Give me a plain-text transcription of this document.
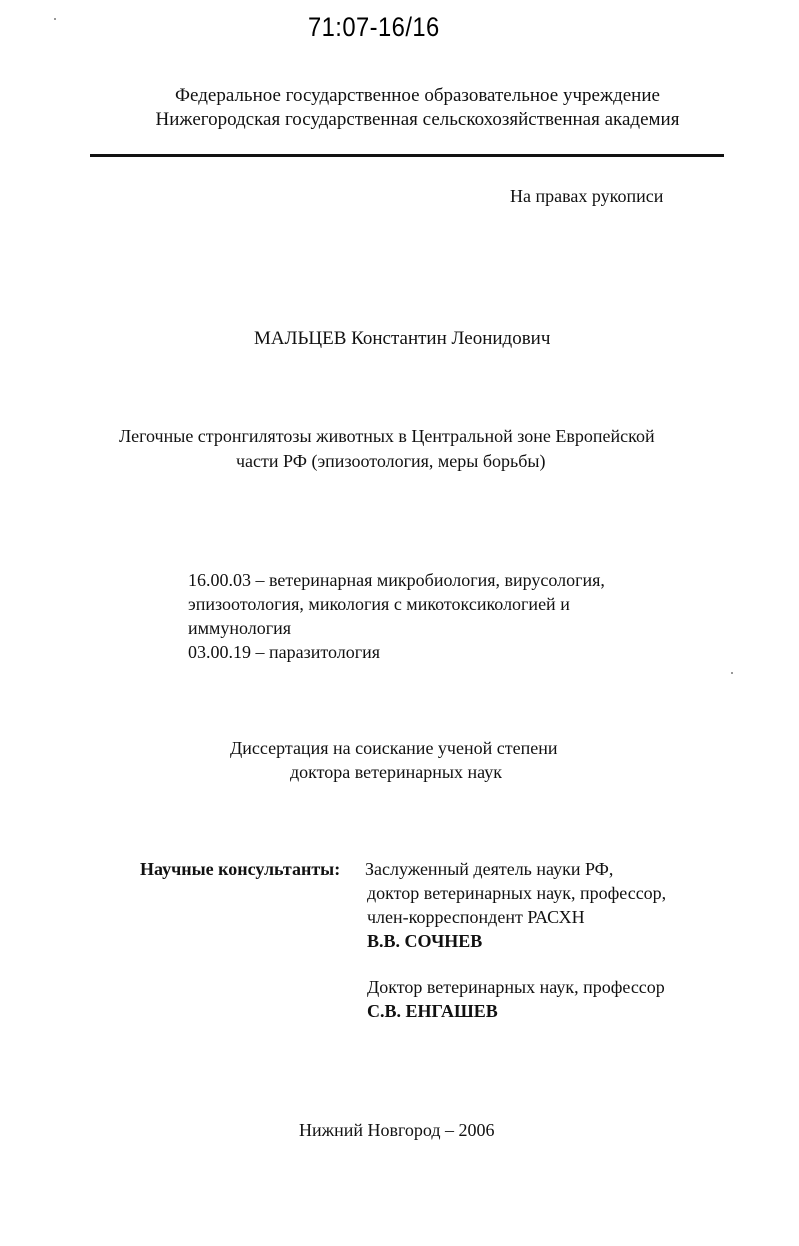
71:07-16/16
Федеральное государственное образовательное учреждение
Нижегородская государственная сельскохозяйственная академия
На правах рукописи
МАЛЬЦЕВ Константин Леонидович
Легочные стронгилятозы животных в Центральной зоне Европейской
части РФ (эпизоотология, меры борьбы)
16.00.03 – ветеринарная микробиология, вирусология,
эпизоотология, микология с микотоксикологией и
иммунология
03.00.19 – паразитология
Диссертация на соискание ученой степени
доктора ветеринарных наук
Научные консультанты: Заслуженный деятель науки РФ,
доктор ветеринарных наук, профессор,
член-корреспондент РАСХН
В.В. СОЧНЕВ
Доктор ветеринарных наук, профессор
С.В. ЕНГАШЕВ
Нижний Новгород – 2006
